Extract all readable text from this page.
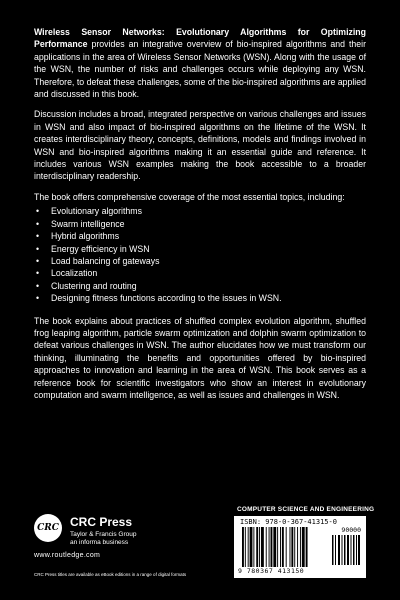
Wireless Sensor Networks: Evolutionary Algorithms for Optimizing Performance provides an integrative overview of bio-inspired algorithms and their applications in the area of Wireless Sensor Networks (WSN). Along with the usage of the WSN, the number of risks and challenges occurs while deploying any WSN. Therefore, to defeat these challenges, some of the bio-inspired algorithms are applied and discussed in this book.

Discussion includes a broad, integrated perspective on various challenges and issues in WSN and also impact of bio-inspired algorithms on the lifetime of the WSN. It creates interdisciplinary theory, concepts, definitions, models and findings involved in WSN and bio-inspired algorithms making it an essential guide and reference. It includes various WSN examples making the book accessible to a broader interdisciplinary readership.

The book offers comprehensive coverage of the most essential topics, including:

• Evolutionary algorithms
• Swarm intelligence
• Hybrid algorithms
• Energy efficiency in WSN
• Load balancing of gateways
• Localization
• Clustering and routing
• Designing fitness functions according to the issues in WSN.

The book explains about practices of shuffled complex evolution algorithm, shuffled frog leaping algorithm, particle swarm optimization and dolphin swarm optimization to defeat various challenges in WSN. The author elucidates how we must transform our thinking, illuminating the benefits and opportunities offered by bio-inspired approaches to innovation and learning in the area of WSN. This book serves as a reference book for scientific investigators who show an interest in evolutionary computation and swarm intelligence, as well as issues and challenges in WSN.

CRC CRC Press
Taylor & Francis Group
an informa business
www.routledge.com
CRC Press titles are available as eBook editions in a range of digital formats
COMPUTER SCIENCE AND ENGINEERING
ISBN: 978-0-367-41315-0
90000
9 780367 413150
